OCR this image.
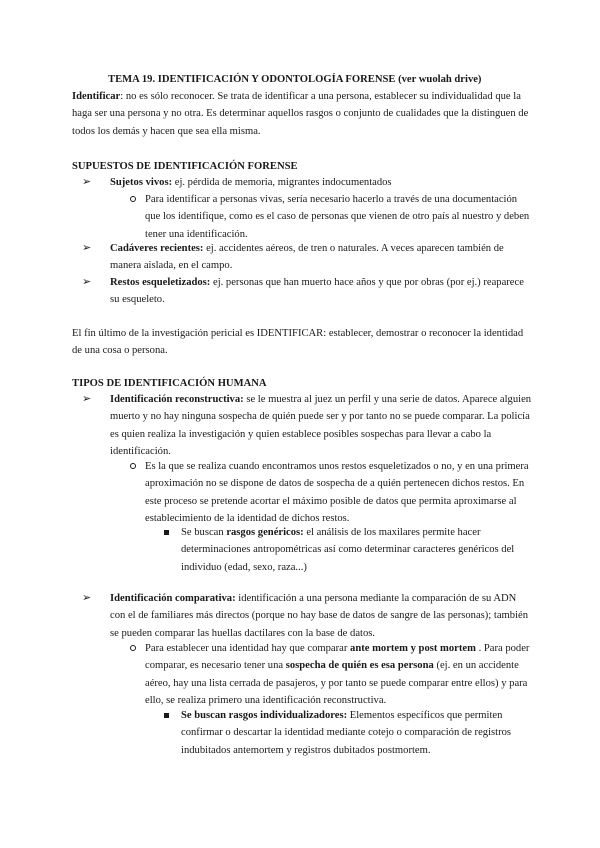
TEMA 19. IDENTIFICACIÓN Y ODONTOLOGÍA FORENSE (ver wuolah drive)
Identificar: no es sólo reconocer. Se trata de identificar a una persona, establecer su individualidad que la haga ser una persona y no otra. Es determinar aquellos rasgos o conjunto de cualidades que la distinguen de todos los demás y hacen que sea ella misma.
SUPUESTOS DE IDENTIFICACIÓN FORENSE
➢ Sujetos vivos: ej. pérdida de memoria, migrantes indocumentados
Para identificar a personas vivas, sería necesario hacerlo a través de una documentación que los identifique, como es el caso de personas que vienen de otro país al nuestro y deben tener una identificación.
➢ Cadáveres recientes: ej. accidentes aéreos, de tren o naturales. A veces aparecen también de manera aislada, en el campo.
➢ Restos esqueletizados: ej. personas que han muerto hace años y que por obras (por ej.) reaparece su esqueleto.
El fin último de la investigación pericial es IDENTIFICAR: establecer, demostrar o reconocer la identidad de una cosa o persona.
TIPOS DE IDENTIFICACIÓN HUMANA
➢ Identificación reconstructiva: se le muestra al juez un perfil y una serie de datos. Aparece alguien muerto y no hay ninguna sospecha de quién puede ser y por tanto no se puede comparar. La policía es quien realiza la investigación y quien establece posibles sospechas para llevar a cabo la identificación.
Es la que se realiza cuando encontramos unos restos esqueletizados o no, y en una primera aproximación no se dispone de datos de sospecha de a quién pertenecen dichos restos. En este proceso se pretende acortar el máximo posible de datos que permita aproximarse al establecimiento de la identidad de dichos restos.
Se buscan rasgos genéricos: el análisis de los maxilares permite hacer determinaciones antropométricas así como determinar caracteres genéricos del individuo (edad, sexo, raza...)
➢ Identificación comparativa: identificación a una persona mediante la comparación de su ADN con el de familiares más directos (porque no hay base de datos de sangre de las personas); también se pueden comparar las huellas dactilares con la base de datos.
Para establecer una identidad hay que comparar ante mortem y post mortem . Para poder comparar, es necesario tener una sospecha de quién es esa persona (ej. en un accidente aéreo, hay una lista cerrada de pasajeros, y por tanto se puede comparar entre ellos) y para ello, se realiza primero una identificación reconstructiva.
Se buscan rasgos individualizadores: Elementos específicos que permiten confirmar o descartar la identidad mediante cotejo o comparación de registros indubitados antemortem y registros dubitados postmortem.
